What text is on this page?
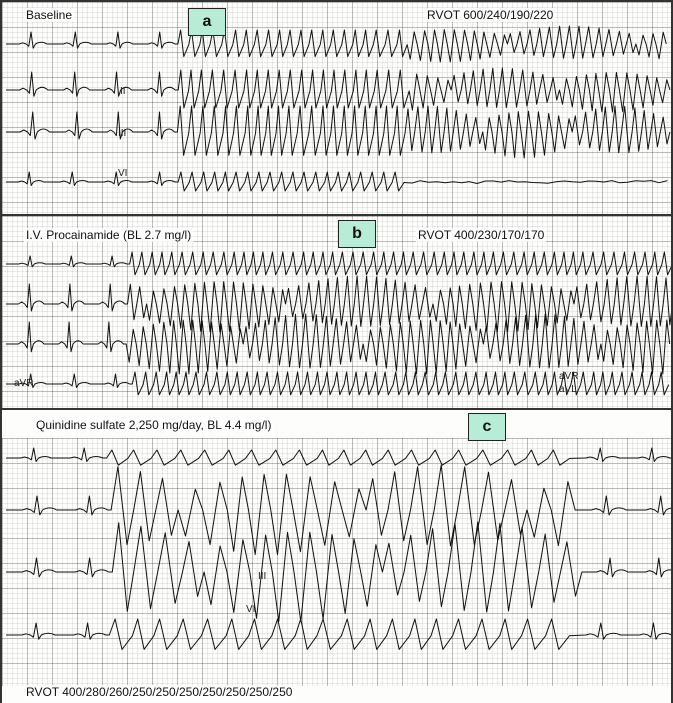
Baseline	a	RVOT 600/240/190/220
II
III
VI
I.V. Procainamide (BL 2.7 mg/l)	b	RVOT 400/230/170/170
aVR
aVR
aVL
Quinidine sulfate 2,250 mg/day, BL 4.4 mg/l)	c
III
VI
RVOT 400/280/260/250/250/250/250/250/250/250
